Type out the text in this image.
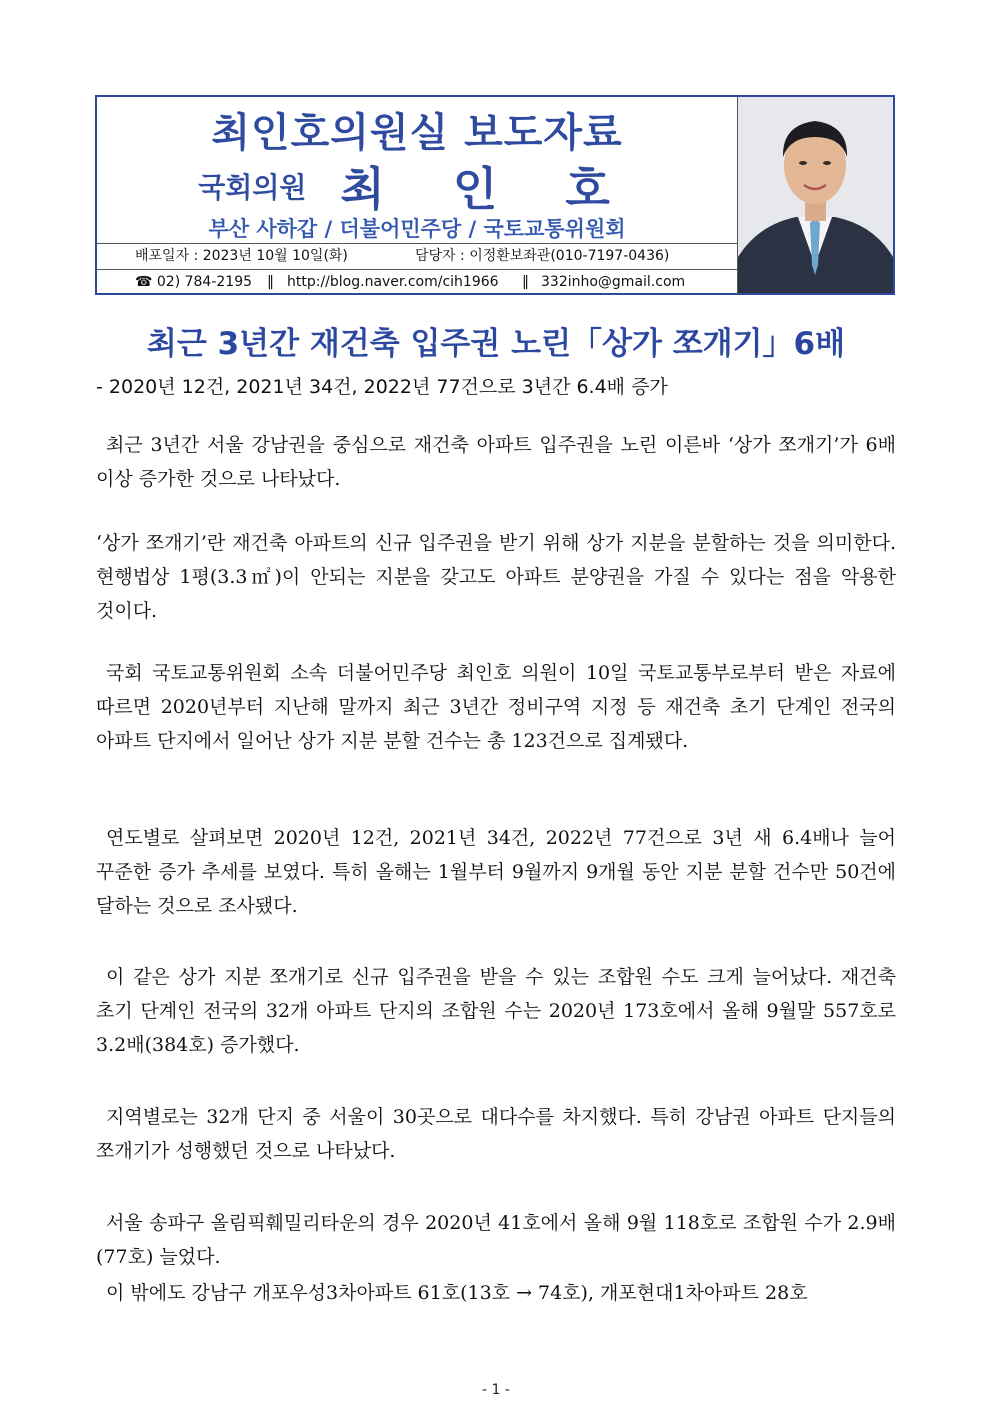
최인호의원실 보도자료
국회의원 최 인 호
부산 사하갑 / 더불어민주당 / 국토교통위원회
배포일자 : 2023년 10월 10일(화)	담당자 : 이정환보좌관(010-7197-0436)
☎ 02) 784-2195 ‖ http://blog.naver.com/cih1966 ‖ 332inho@gmail.com
최근 3년간 재건축 입주권 노린「상가 쪼개기」6배
- 2020년 12건, 2021년 34건, 2022년 77건으로 3년간 6.4배 증가

최근 3년간 서울 강남권을 중심으로 재건축 아파트 입주권을 노린 이른바 ‘상가 쪼개기’가 6배 이상 증가한 것으로 나타났다.

‘상가 쪼개기’란 재건축 아파트의 신규 입주권을 받기 위해 상가 지분을 분할하는 것을 의미한다. 현행법상 1평(3.3㎡)이 안되는 지분을 갖고도 아파트 분양권을 가질 수 있다는 점을 악용한 것이다.

국회 국토교통위원회 소속 더불어민주당 최인호 의원이 10일 국토교통부로부터 받은 자료에 따르면 2020년부터 지난해 말까지 최근 3년간 정비구역 지정 등 재건축 초기 단계인 전국의 아파트 단지에서 일어난 상가 지분 분할 건수는 총 123건으로 집계됐다.

연도별로 살펴보면 2020년 12건, 2021년 34건, 2022년 77건으로 3년 새 6.4배나 늘어 꾸준한 증가 추세를 보였다. 특히 올해는 1월부터 9월까지 9개월 동안 지분 분할 건수만 50건에 달하는 것으로 조사됐다.

이 같은 상가 지분 쪼개기로 신규 입주권을 받을 수 있는 조합원 수도 크게 늘어났다. 재건축 초기 단계인 전국의 32개 아파트 단지의 조합원 수는 2020년 173호에서 올해 9월말 557호로 3.2배(384호) 증가했다.

지역별로는 32개 단지 중 서울이 30곳으로 대다수를 차지했다. 특히 강남권 아파트 단지들의 쪼개기가 성행했던 것으로 나타났다.

서울 송파구 올림픽훼밀리타운의 경우 2020년 41호에서 올해 9월 118호로 조합원 수가 2.9배(77호) 늘었다.

이 밖에도 강남구 개포우성3차아파트 61호(13호 → 74호), 개포현대1차아파트 28호

- 1 -
